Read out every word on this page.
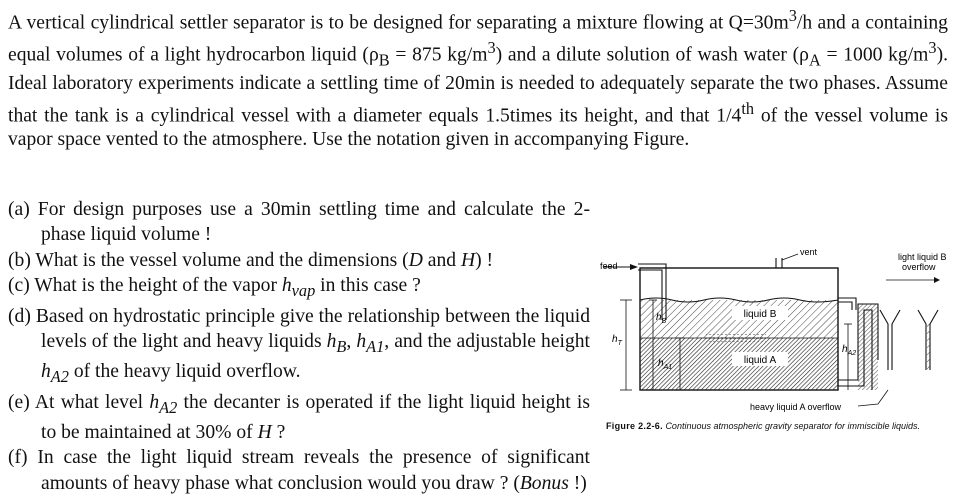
A vertical cylindrical settler separator is to be designed for separating a mixture flowing at $Q=30m^3/h$ and a containing equal volumes of a light hydrocarbon liquid ($\rho_B = 875$ $kg/m^3$) and a dilute solution of wash water ($\rho_A = 1000$ $kg/m^3$). Ideal laboratory experiments indicate a settling time of 20min is needed to adequately separate the two phases. Assume that the tank is a cylindrical vessel with a diameter equals 1.5times its height, and that 1/4th of the vessel volume is vapor space vented to the atmosphere. Use the notation given in accompanying Figure.

(a) For design purposes use a 30min settling time and calculate the 2-phase liquid volume !
(b) What is the vessel volume and the dimensions (D and H) !
(c) What is the height of the vapor $h_{vap}$ in this case ?
(d) Based on hydrostatic principle give the relationship between the liquid levels of the light and heavy liquids $h_B$, $h_{A1}$, and the adjustable height $h_{A2}$ of the heavy liquid overflow.
(e) At what level $h_{A2}$ the decanter is operated if the light liquid height is to be maintained at 30% of H ?
(f) In case the light liquid stream reveals the presence of significant amounts of heavy phase what conclusion would you draw ? (Bonus !)
liquid B
liquid A
feed
vent	light liquid B
overflow
$h_T$
$h_B$
$h_{A1}$
$h_{A2}$
heavy liquid A overflow
Figure 2.2-6. Continuous atmospheric gravity separator for immiscible liquids.
